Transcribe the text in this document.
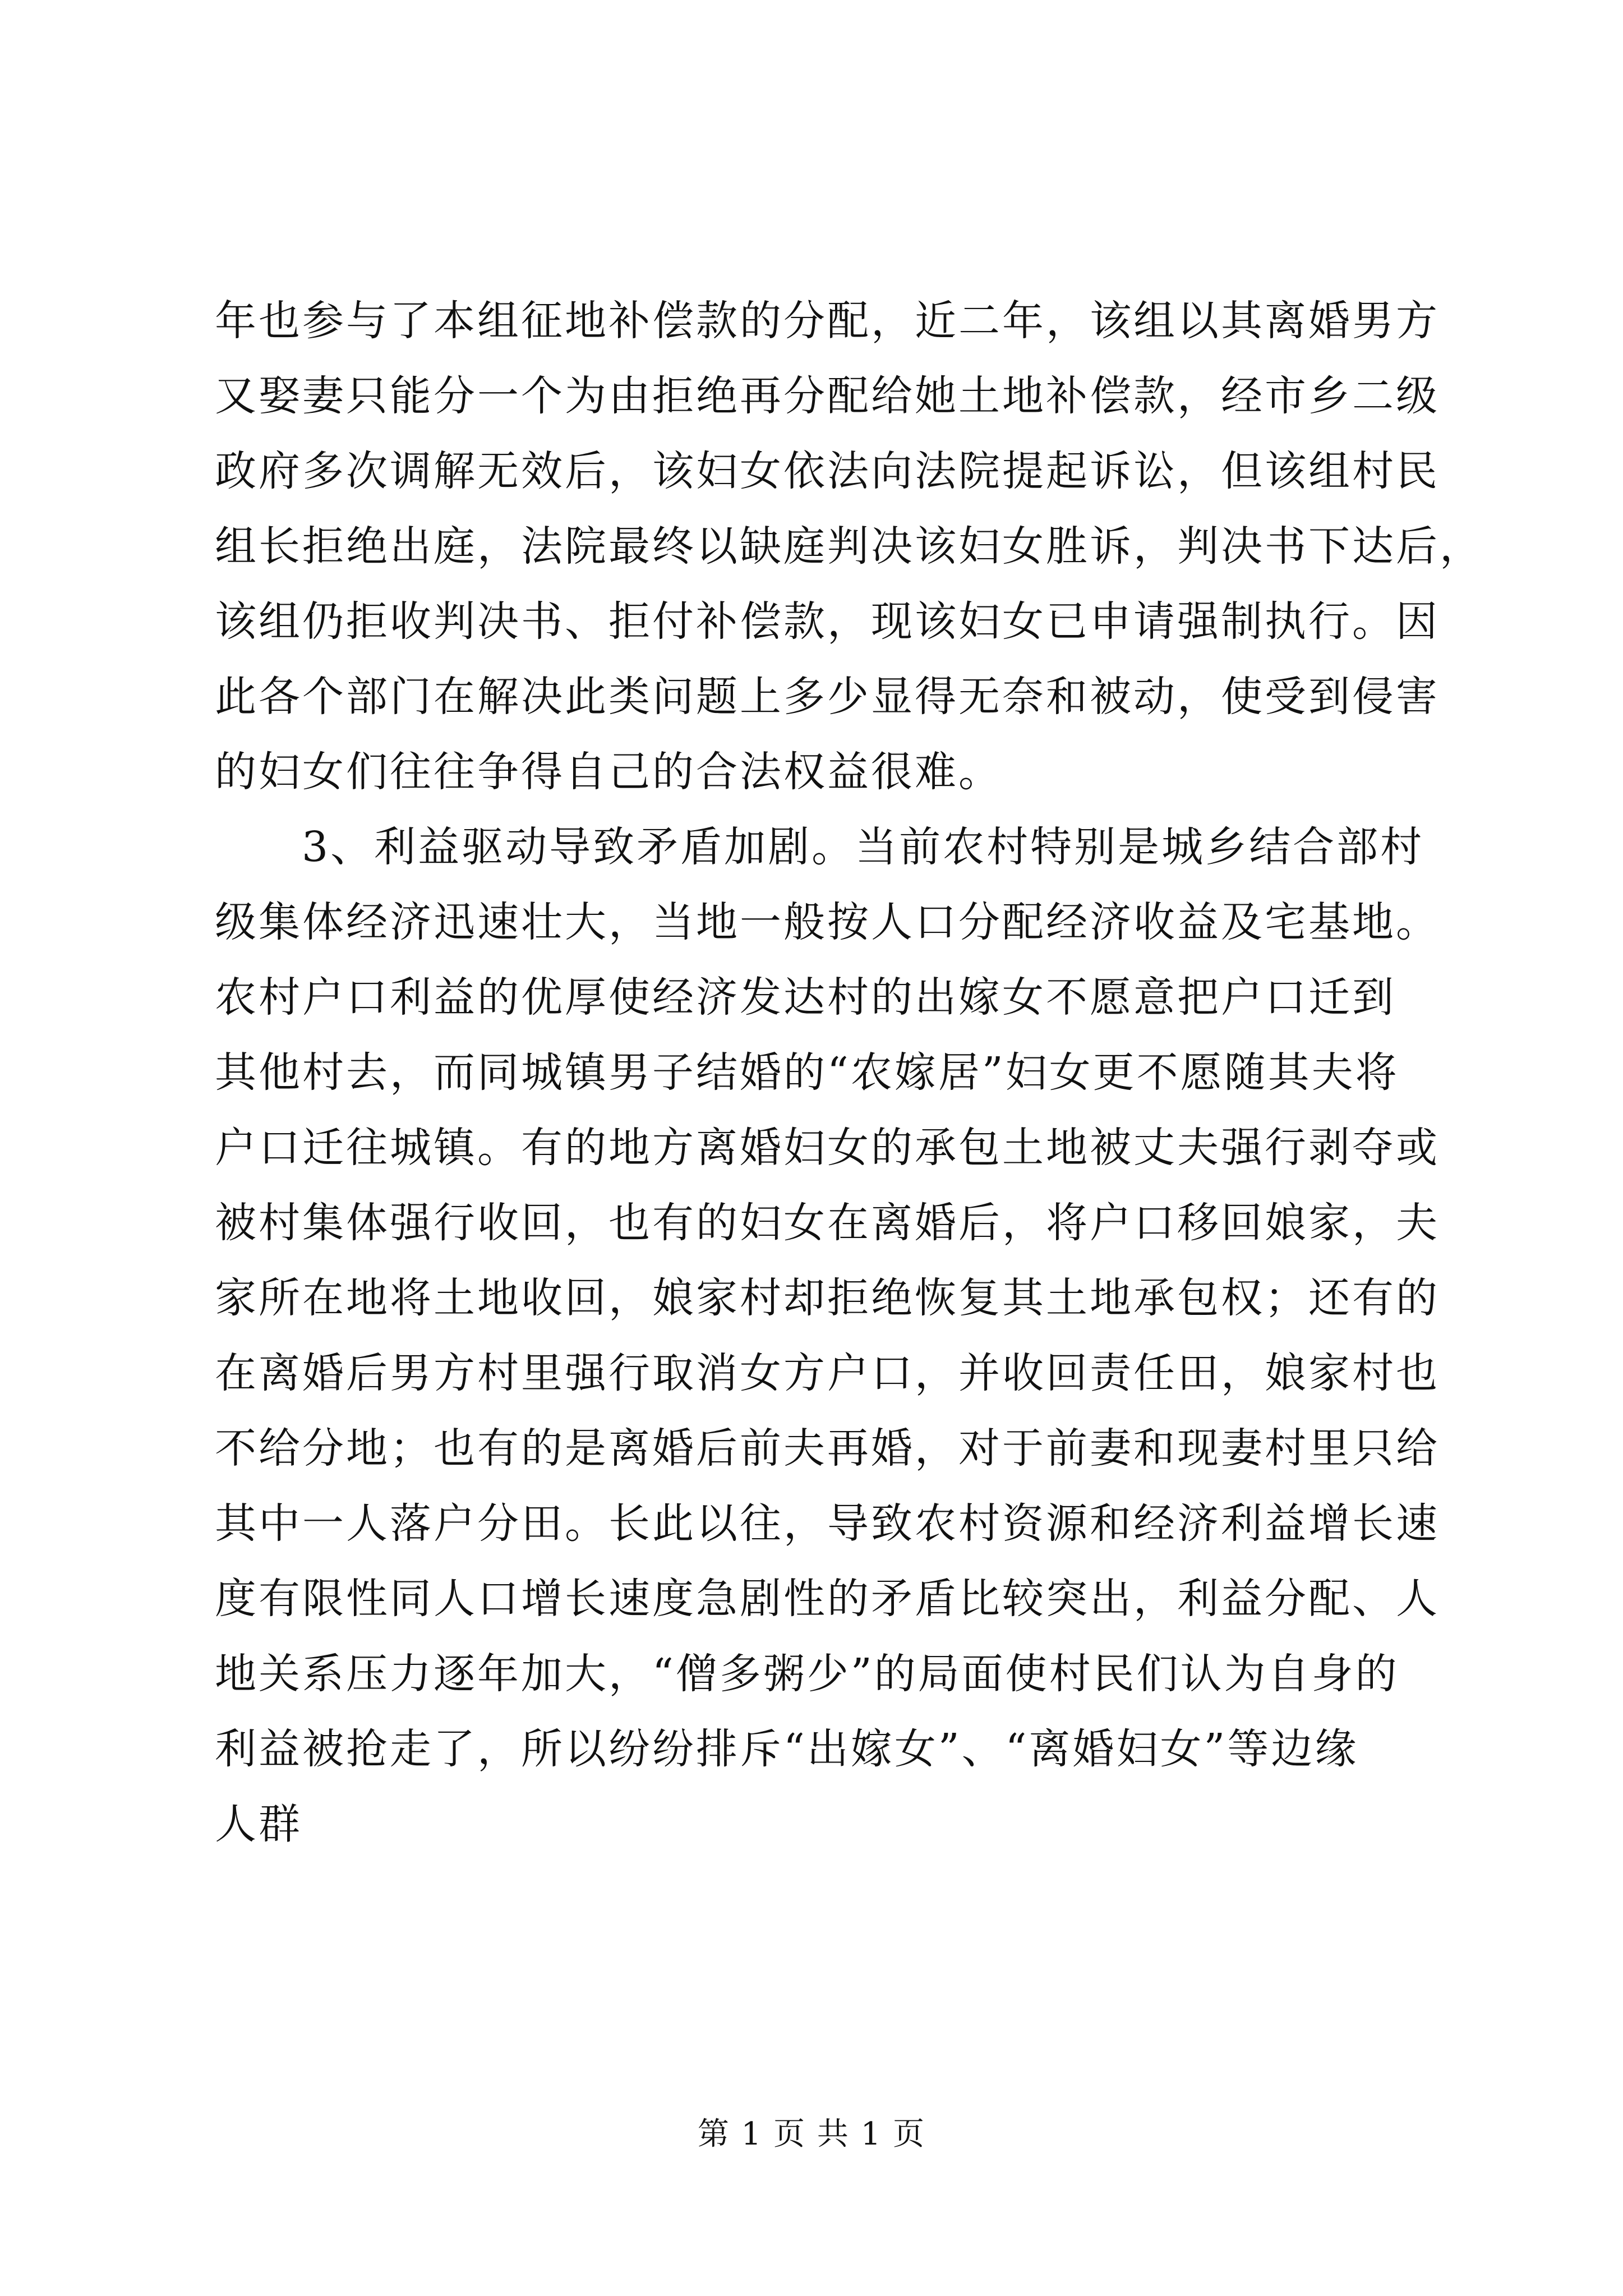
年也参与了本组征地补偿款的分配，近二年，该组以其离婚男方
又娶妻只能分一个为由拒绝再分配给她土地补偿款，经市乡二级
政府多次调解无效后，该妇女依法向法院提起诉讼，但该组村民
组长拒绝出庭，法院最终以缺庭判决该妇女胜诉，判决书下达后，
该组仍拒收判决书、拒付补偿款，现该妇女已申请强制执行。因
此各个部门在解决此类问题上多少显得无奈和被动，使受到侵害
的妇女们往往争得自己的合法权益很难。
3、利益驱动导致矛盾加剧。当前农村特别是城乡结合部村
级集体经济迅速壮大，当地一般按人口分配经济收益及宅基地。
农村户口利益的优厚使经济发达村的出嫁女不愿意把户口迁到
其他村去，而同城镇男子结婚的“农嫁居”妇女更不愿随其夫将
户口迁往城镇。有的地方离婚妇女的承包土地被丈夫强行剥夺或
被村集体强行收回，也有的妇女在离婚后，将户口移回娘家，夫
家所在地将土地收回，娘家村却拒绝恢复其土地承包权；还有的
在离婚后男方村里强行取消女方户口，并收回责任田，娘家村也
不给分地；也有的是离婚后前夫再婚，对于前妻和现妻村里只给
其中一人落户分田。长此以往，导致农村资源和经济利益增长速
度有限性同人口增长速度急剧性的矛盾比较突出，利益分配、人
地关系压力逐年加大，“僧多粥少”的局面使村民们认为自身的
利益被抢走了，所以纷纷排斥“出嫁女”、“离婚妇女”等边缘
人群
第 1 页 共 1 页
